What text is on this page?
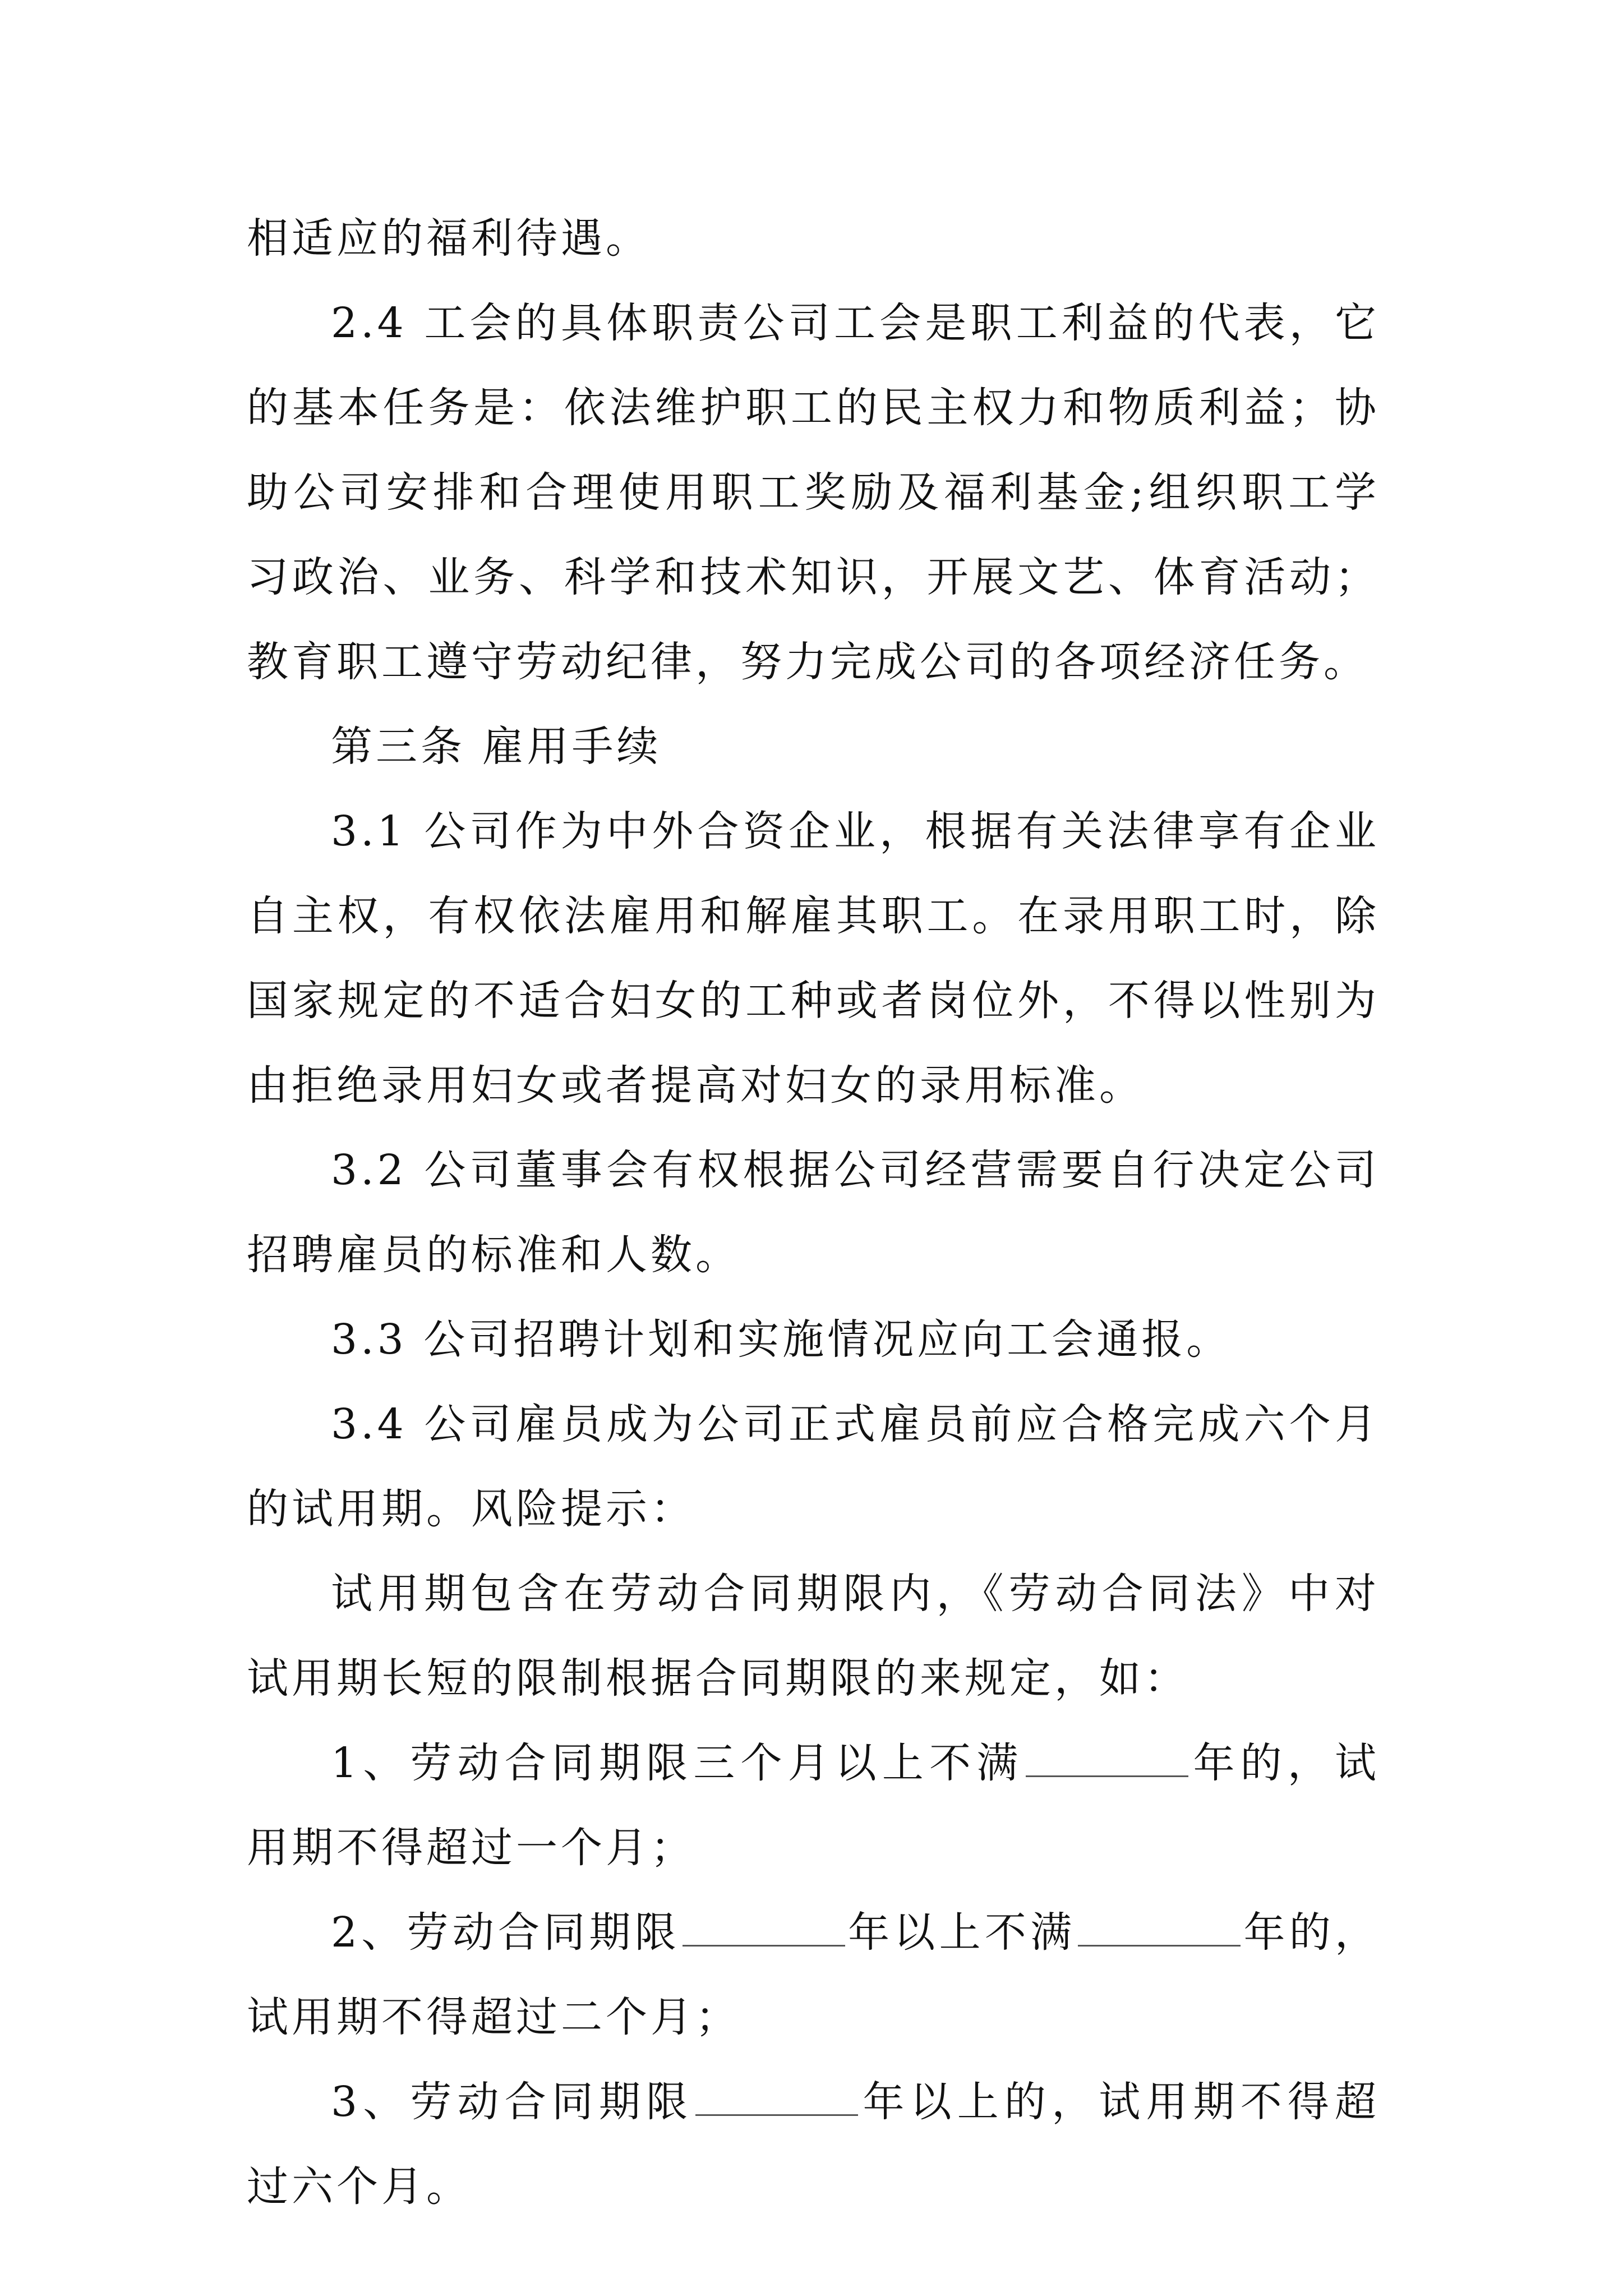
相适应的福利待遇。

2.4 工会的具体职责公司工会是职工利益的代表，它的基本任务是：依法维护职工的民主权力和物质利益；协助公司安排和合理使用职工奖励及福利基金;组织职工学习政治、业务、科学和技术知识，开展文艺、体育活动；教育职工遵守劳动纪律，努力完成公司的各项经济任务。

第三条 雇用手续

3.1 公司作为中外合资企业，根据有关法律享有企业自主权，有权依法雇用和解雇其职工。在录用职工时，除国家规定的不适合妇女的工种或者岗位外，不得以性别为由拒绝录用妇女或者提高对妇女的录用标准。

3.2 公司董事会有权根据公司经营需要自行决定公司招聘雇员的标准和人数。

3.3 公司招聘计划和实施情况应向工会通报。

3.4 公司雇员成为公司正式雇员前应合格完成六个月的试用期。风险提示：

试用期包含在劳动合同期限内，《劳动合同法》中对试用期长短的限制根据合同期限的来规定，如：

1、劳动合同期限三个月以上不满	年的，试用期不得超过一个月；

2、劳动合同期限	年以上不满	年的，试用期不得超过二个月；

3、劳动合同期限	年以上的，试用期不得超过六个月。
